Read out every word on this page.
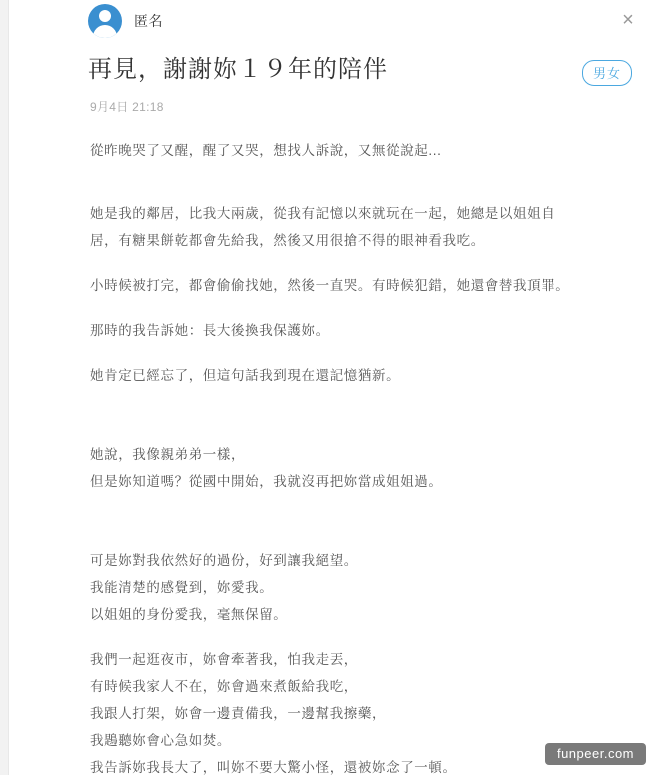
匿名	×
再見，謝謝妳１９年的陪伴	男女
9月4日 21:18

從昨晚哭了又醒，醒了又哭，想找人訴說，又無從說起...

她是我的鄰居，比我大兩歲，從我有記憶以來就玩在一起，她總是以姐姐自
居，有糖果餅乾都會先給我，然後又用很搶不得的眼神看我吃。

小時候被打完，都會偷偷找她，然後一直哭。有時候犯錯，她還會替我頂罪。

那時的我告訴她：長大後換我保護妳。

她肯定已經忘了，但這句話我到現在還記憶猶新。

她說，我像親弟弟一樣，
但是妳知道嗎？從國中開始，我就沒再把妳當成姐姐過。

可是妳對我依然好的過份，好到讓我絕望。
我能清楚的感覺到，妳愛我。
以姐姐的身份愛我，毫無保留。

我們一起逛夜市，妳會牽著我，怕我走丟，
有時候我家人不在，妳會過來煮飯給我吃，
我跟人打架，妳會一邊責備我，一邊幫我擦藥，
我鶗聽妳會心急如焚。
我告訴妳我長大了，叫妳不要大驚小怪，還被妳念了一頓。

funpeer.com
